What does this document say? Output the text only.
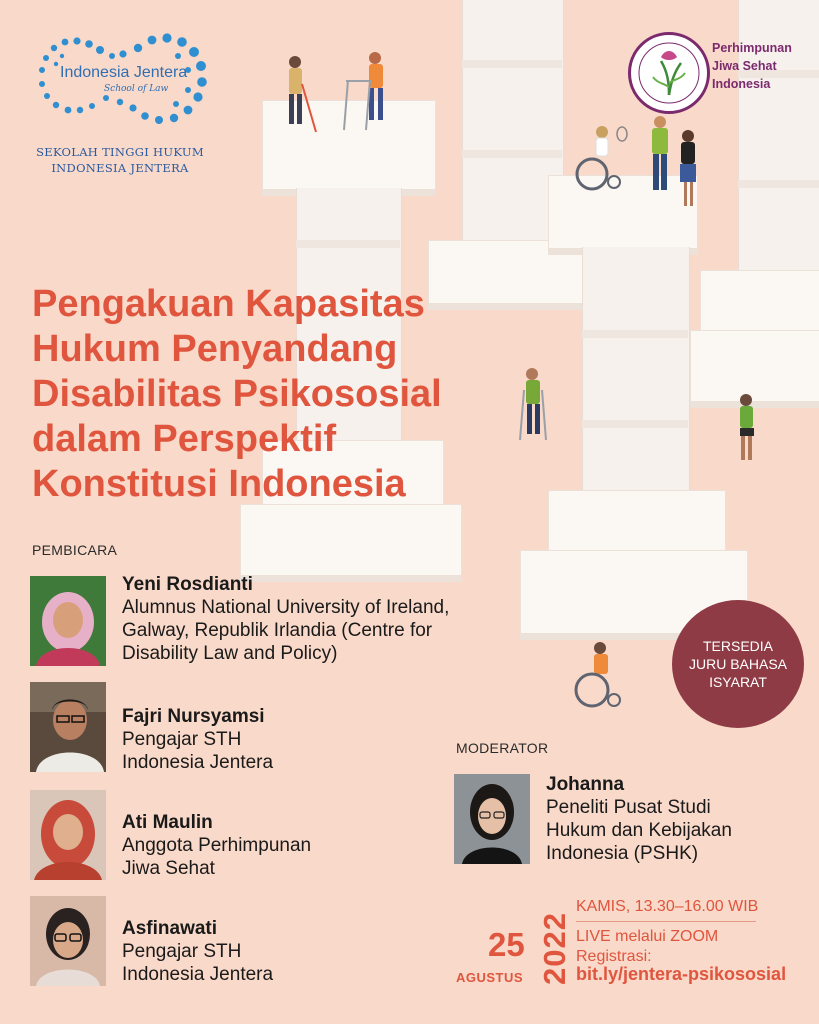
Indonesia Jentera
School of Law
SEKOLAH TINGGI HUKUM
INDONESIA JENTERA
Perhimpunan
Jiwa Sehat
Indonesia
Pengakuan Kapasitas
Hukum Penyandang
Disabilitas Psikososial
dalam Perspektif
Konstitusi Indonesia
PEMBICARA
Yeni Rosdianti
Alumnus National University of Ireland,
Galway, Republik Irlandia (Centre for
Disability Law and Policy)
Fajri Nursyamsi
Pengajar STH
Indonesia Jentera
Ati Maulin
Anggota Perhimpunan
Jiwa Sehat
Asfinawati
Pengajar STH
Indonesia Jentera
TERSEDIA
JURU BAHASA
ISYARAT
MODERATOR
Johanna
Peneliti Pusat Studi
Hukum dan Kebijakan
Indonesia (PSHK)
25
AGUSTUS 2022
KAMIS, 13.30–16.00 WIB
LIVE melalui ZOOM
Registrasi:
bit.ly/jentera-psikososial
